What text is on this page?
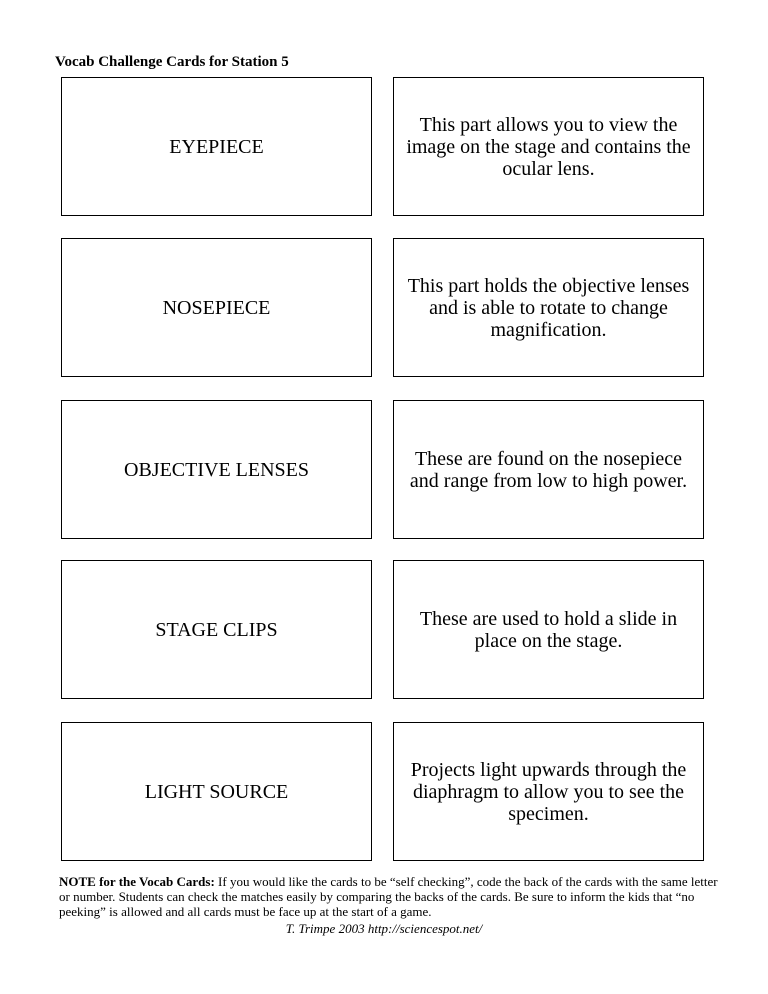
Vocab Challenge Cards for Station 5
EYEPIECE
This part allows you to view the image on the stage and contains the ocular lens.
NOSEPIECE
This part holds the objective lenses and is able to rotate to change magnification.
OBJECTIVE LENSES	These are found on the nosepiece and range from low to high power.
STAGE CLIPS	These are used to hold a slide in place on the stage.
LIGHT SOURCE
Projects light upwards through the diaphragm to allow you to see the specimen.
NOTE for the Vocab Cards: If you would like the cards to be “self checking”, code the back of the cards with the same letter or number. Students can check the matches easily by comparing the backs of the cards. Be sure to inform the kids that “no peeking” is allowed and all cards must be face up at the start of a game.
T. Trimpe 2003 http://sciencespot.net/
